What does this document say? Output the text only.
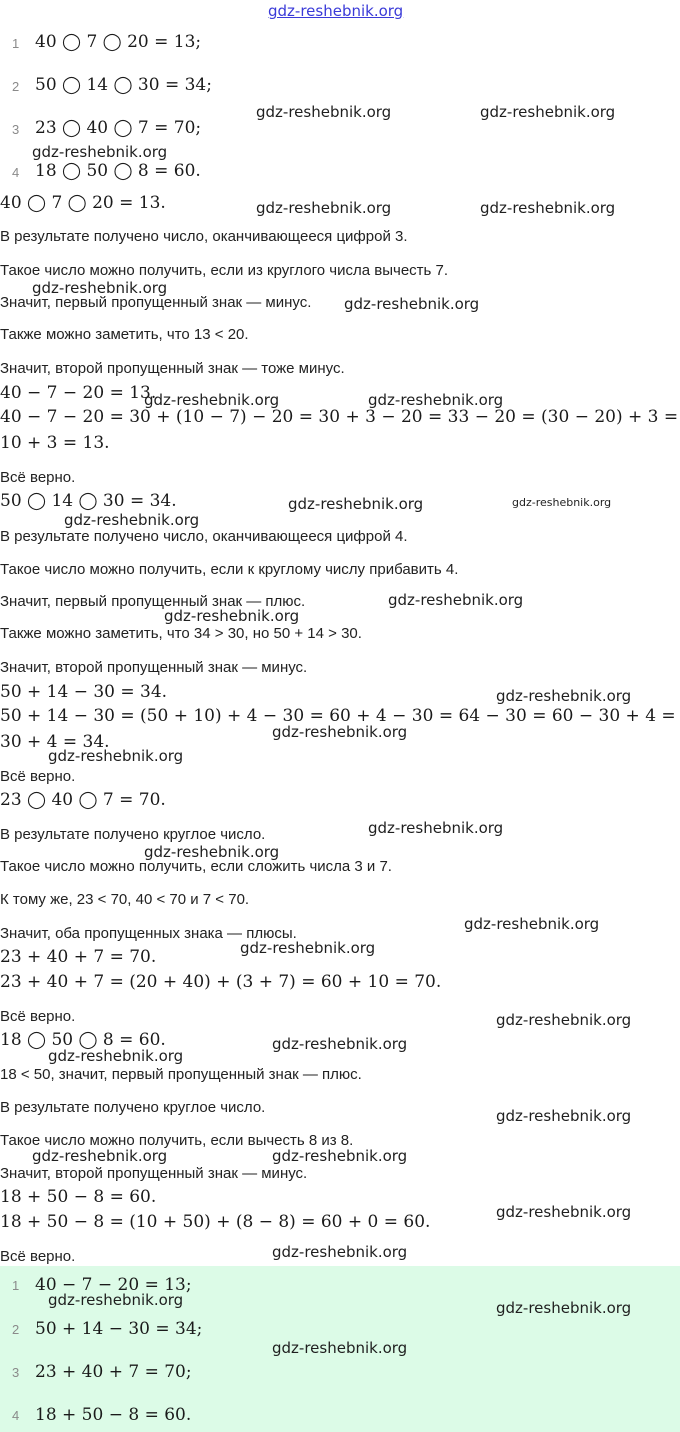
gdz-reshebnik.org
1 40 ◯ 7 ◯ 20 = 13;
2 50 ◯ 14 ◯ 30 = 34;
3 23 ◯ 40 ◯ 7 = 70;
4 18 ◯ 50 ◯ 8 = 60.
40 ◯ 7 ◯ 20 = 13.
В результате получено число, оканчивающееся цифрой 3.
Такое число можно получить, если из круглого числа вычесть 7.
Значит, первый пропущенный знак — минус.
Также можно заметить, что 13 < 20.
Значит, второй пропущенный знак — тоже минус.
40 − 7 − 20 = 13.
40 − 7 − 20 = 30 + (10 − 7) − 20 = 30 + 3 − 20 = 33 − 20 = (30 − 20) + 3 =
10 + 3 = 13.
Всё верно.
50 ◯ 14 ◯ 30 = 34.
В результате получено число, оканчивающееся цифрой 4.
Такое число можно получить, если к круглому числу прибавить 4.
Значит, первый пропущенный знак — плюс.
Также можно заметить, что 34 > 30, но 50 + 14 > 30.
Значит, второй пропущенный знак — минус.
50 + 14 − 30 = 34.
50 + 14 − 30 = (50 + 10) + 4 − 30 = 60 + 4 − 30 = 64 − 30 = 60 − 30 + 4 =
30 + 4 = 34.
Всё верно.
23 ◯ 40 ◯ 7 = 70.
В результате получено круглое число.
Такое число можно получить, если сложить числа 3 и 7.
К тому же, 23 < 70, 40 < 70 и 7 < 70.
Значит, оба пропущенных знака — плюсы.
23 + 40 + 7 = 70.
23 + 40 + 7 = (20 + 40) + (3 + 7) = 60 + 10 = 70.
Всё верно.
18 ◯ 50 ◯ 8 = 60.
18 < 50, значит, первый пропущенный знак — плюс.
В результате получено круглое число.
Такое число можно получить, если вычесть 8 из 8.
Значит, второй пропущенный знак — минус.
18 + 50 − 8 = 60.
18 + 50 − 8 = (10 + 50) + (8 − 8) = 60 + 0 = 60.
Всё верно.
1 40 − 7 − 20 = 13;
2 50 + 14 − 30 = 34;
3 23 + 40 + 7 = 70;
4 18 + 50 − 8 = 60.
gdz-reshebnik.org	gdz-reshebnik.org
gdz-reshebnik.org
gdz-reshebnik.org	gdz-reshebnik.org
gdz-reshebnik.org
gdz-reshebnik.org
gdz-reshebnik.org	gdz-reshebnik.org
gdz-reshebnik.org	gdz-reshebnik.org
gdz-reshebnik.org
gdz-reshebnik.org
gdz-reshebnik.org
gdz-reshebnik.org
gdz-reshebnik.org
gdz-reshebnik.org
gdz-reshebnik.org
gdz-reshebnik.org
gdz-reshebnik.org
gdz-reshebnik.org
gdz-reshebnik.org
gdz-reshebnik.org
gdz-reshebnik.org
gdz-reshebnik.org
gdz-reshebnik.org	gdz-reshebnik.org
gdz-reshebnik.org
gdz-reshebnik.org
gdz-reshebnik.org	gdz-reshebnik.org
gdz-reshebnik.org
